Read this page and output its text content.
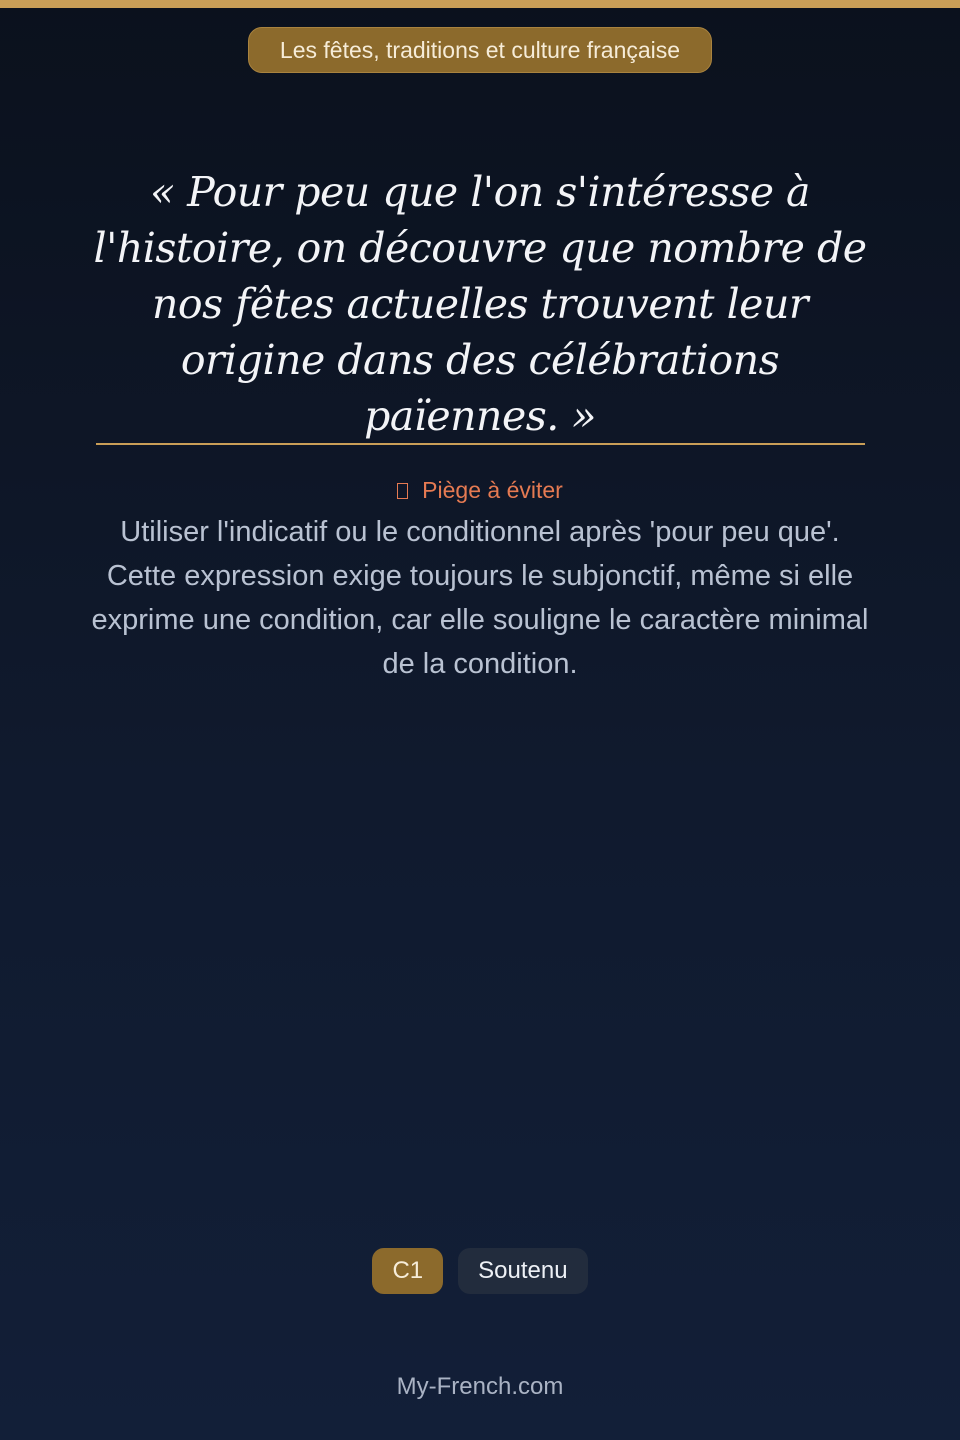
Les fêtes, traditions et culture française

« Pour peu que l'on s'intéresse à l'histoire, on découvre que nombre de nos fêtes actuelles trouvent leur origine dans des célébrations païennes. »

Piège à éviter

Utiliser l'indicatif ou le conditionnel après 'pour peu que'. Cette expression exige toujours le subjonctif, même si elle exprime une condition, car elle souligne le caractère minimal de la condition.

C1 Soutenu
My-French.com
